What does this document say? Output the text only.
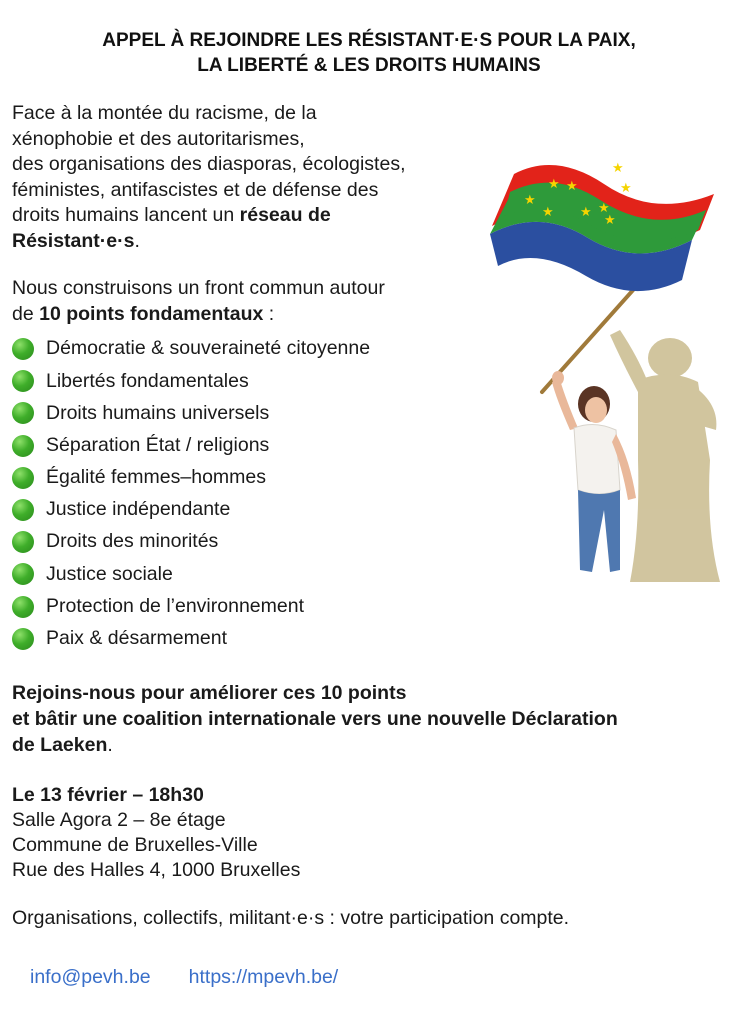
APPEL À REJOINDRE LES RÉSISTANT·E·S POUR LA PAIX,
LA LIBERTÉ & LES DROITS HUMAINS
Face à la montée du racisme, de la
xénophobie et des autoritarismes,
des organisations des diasporas, écologistes,
féministes, antifascistes et de défense des
droits humains lancent un réseau de
Résistant·e·s.
Nous construisons un front commun autour
de 10 points fondamentaux :
Démocratie & souveraineté citoyenne
Libertés fondamentales
Droits humains universels
Séparation État / religions
Égalité femmes–hommes
Justice indépendante
Droits des minorités
Justice sociale
Protection de l’environnement
Paix & désarmement
★
★ ★
★ ★ ★
★
★
★
Rejoins-nous pour améliorer ces 10 points
et bâtir une coalition internationale vers une nouvelle Déclaration
de Laeken.
Le 13 février – 18h30
Salle Agora 2 – 8e étage
Commune de Bruxelles-Ville
Rue des Halles 4, 1000 Bruxelles
Organisations, collectifs, militant·e·s : votre participation compte.
info@pevh.be https://mpevh.be/
